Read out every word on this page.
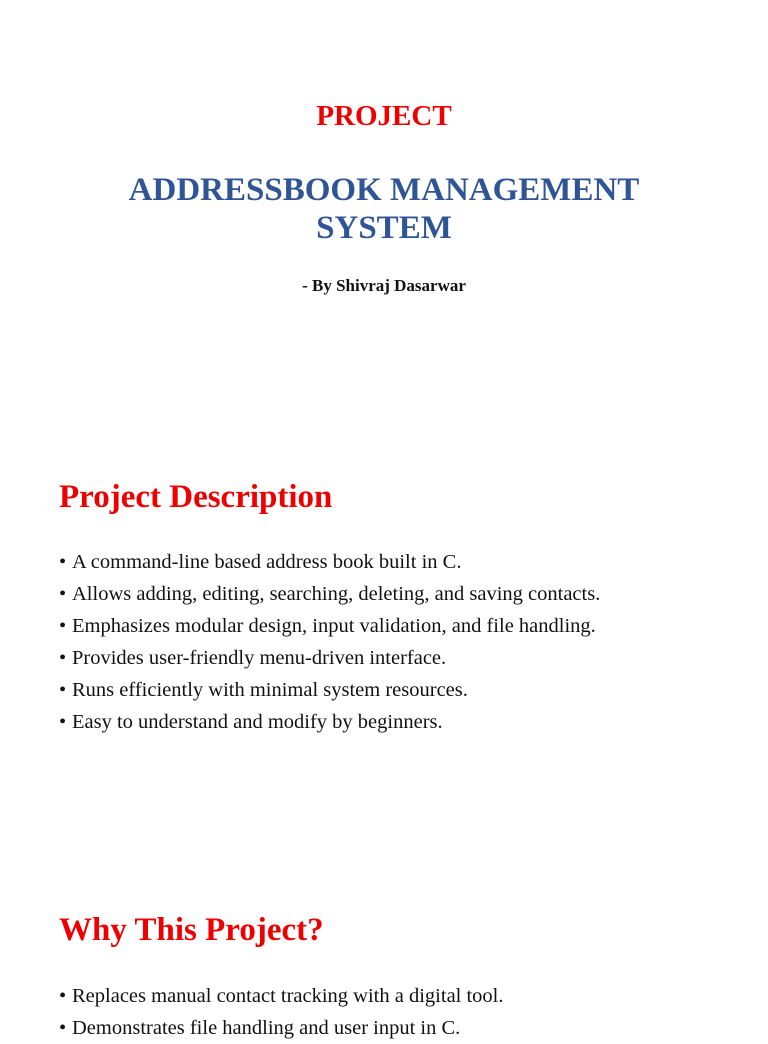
PROJECT
ADDRESSBOOK MANAGEMENT
SYSTEM
- By Shivraj Dasarwar
Project Description
• A command-line based address book built in C.
• Allows adding, editing, searching, deleting, and saving contacts.
• Emphasizes modular design, input validation, and file handling.
• Provides user-friendly menu-driven interface.
• Runs efficiently with minimal system resources.
• Easy to understand and modify by beginners.
Why This Project?
• Replaces manual contact tracking with a digital tool.
• Demonstrates file handling and user input in C.
